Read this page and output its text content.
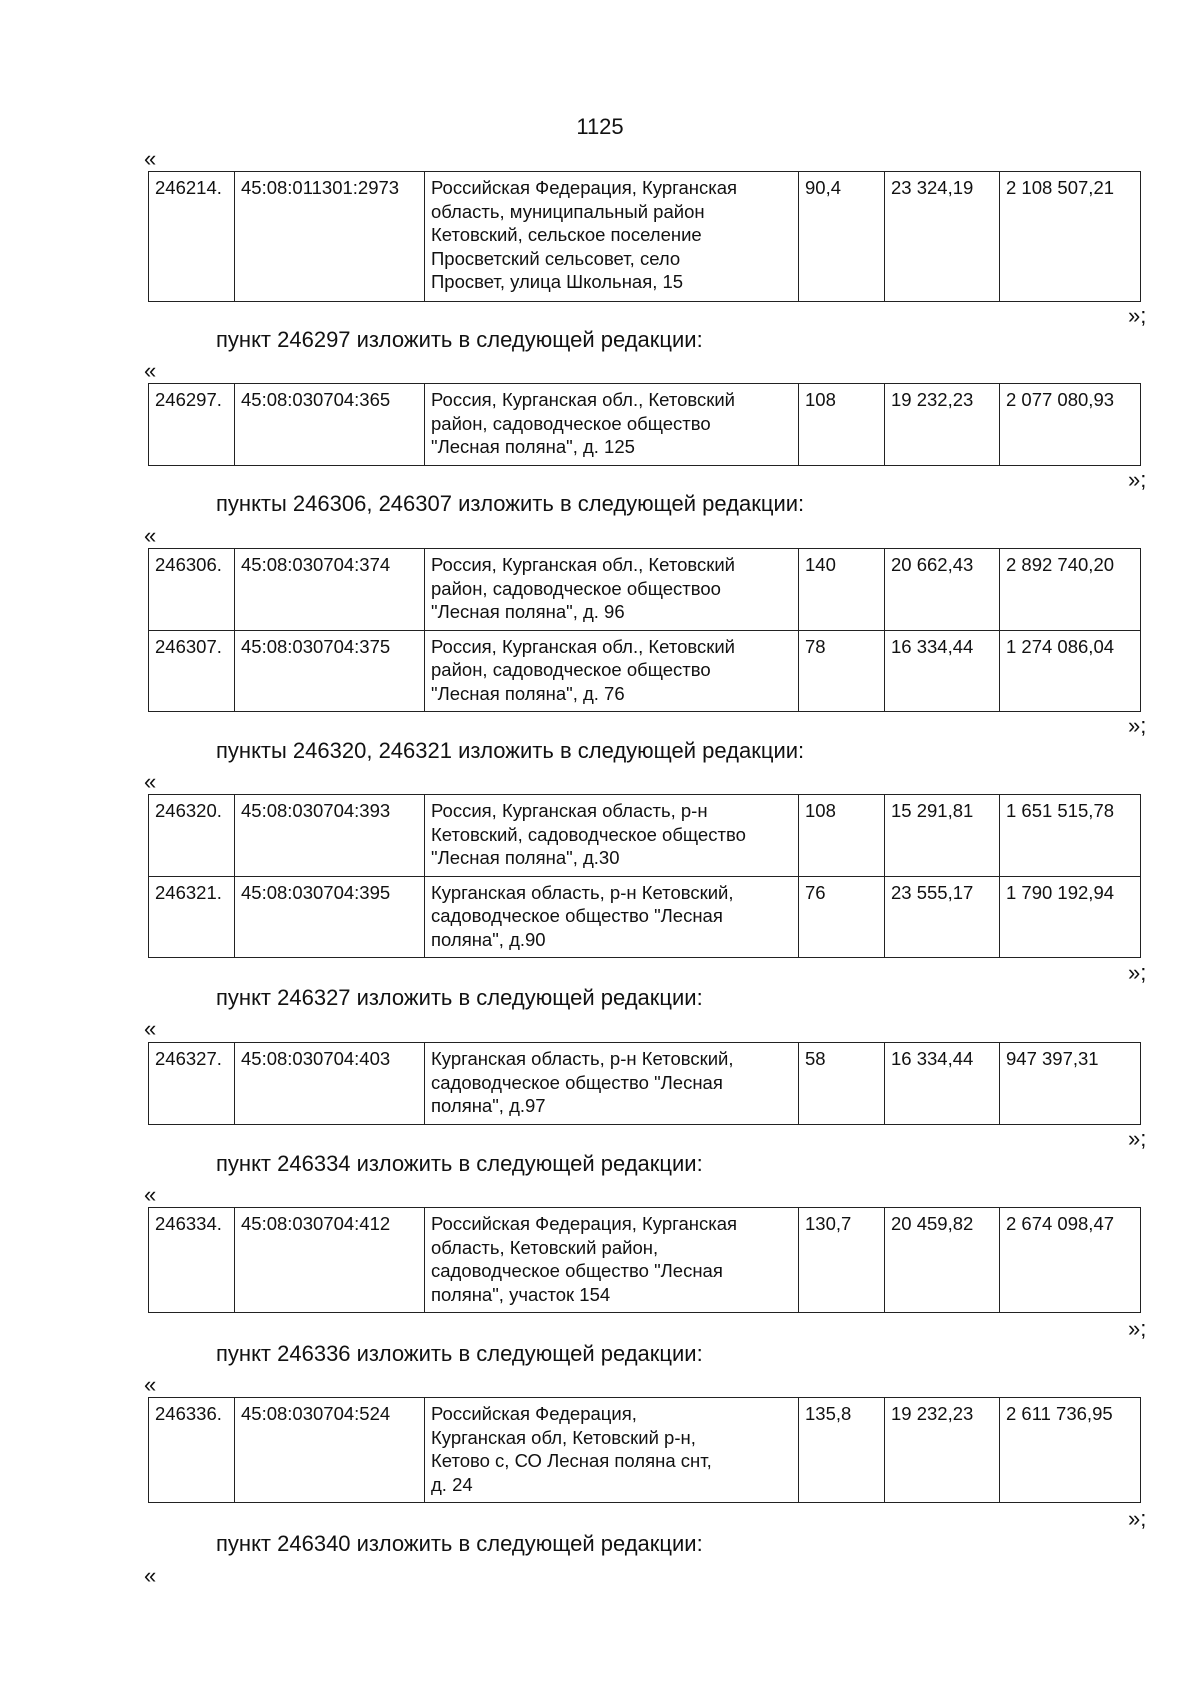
1125
«
246214.	45:08:011301:2973	Российская Федерация, Курганская
область, муниципальный район
Кетовский, сельское поселение
Просветский сельсовет, село
Просвет, улица Школьная, 15	90,4	23 324,19	2 108 507,21
»;
пункт 246297 изложить в следующей редакции:
«
246297.	45:08:030704:365	Россия, Курганская обл., Кетовский
район, садоводческое общество
"Лесная поляна", д. 125	108	19 232,23	2 077 080,93
»;
пункты 246306, 246307 изложить в следующей редакции:
«
246306.	45:08:030704:374	Россия, Курганская обл., Кетовский
район, садоводческое обществоо
"Лесная поляна", д. 96	140	20 662,43	2 892 740,20
246307.	45:08:030704:375	Россия, Курганская обл., Кетовский
район, садоводческое общество
"Лесная поляна", д. 76	78	16 334,44	1 274 086,04
»;
пункты 246320, 246321 изложить в следующей редакции:
«
246320.	45:08:030704:393	Россия, Курганская область, р-н
Кетовский, садоводческое общество
"Лесная поляна", д.30	108	15 291,81	1 651 515,78
246321.	45:08:030704:395	Курганская область, р-н Кетовский,
садоводческое общество "Лесная
поляна", д.90	76	23 555,17	1 790 192,94
»;
пункт 246327 изложить в следующей редакции:
«
246327.	45:08:030704:403	Курганская область, р-н Кетовский,
садоводческое общество "Лесная
поляна", д.97	58	16 334,44	947 397,31
»;
пункт 246334 изложить в следующей редакции:
«
246334.	45:08:030704:412	Российская Федерация, Курганская
область, Кетовский район,
садоводческое общество "Лесная
поляна", участок 154	130,7	20 459,82	2 674 098,47
»;
пункт 246336 изложить в следующей редакции:
«
246336.	45:08:030704:524	Российская Федерация,
Курганская обл, Кетовский р-н,
Кетово с, СО Лесная поляна снт,
д. 24	135,8	19 232,23	2 611 736,95
»;
пункт 246340 изложить в следующей редакции:
«
